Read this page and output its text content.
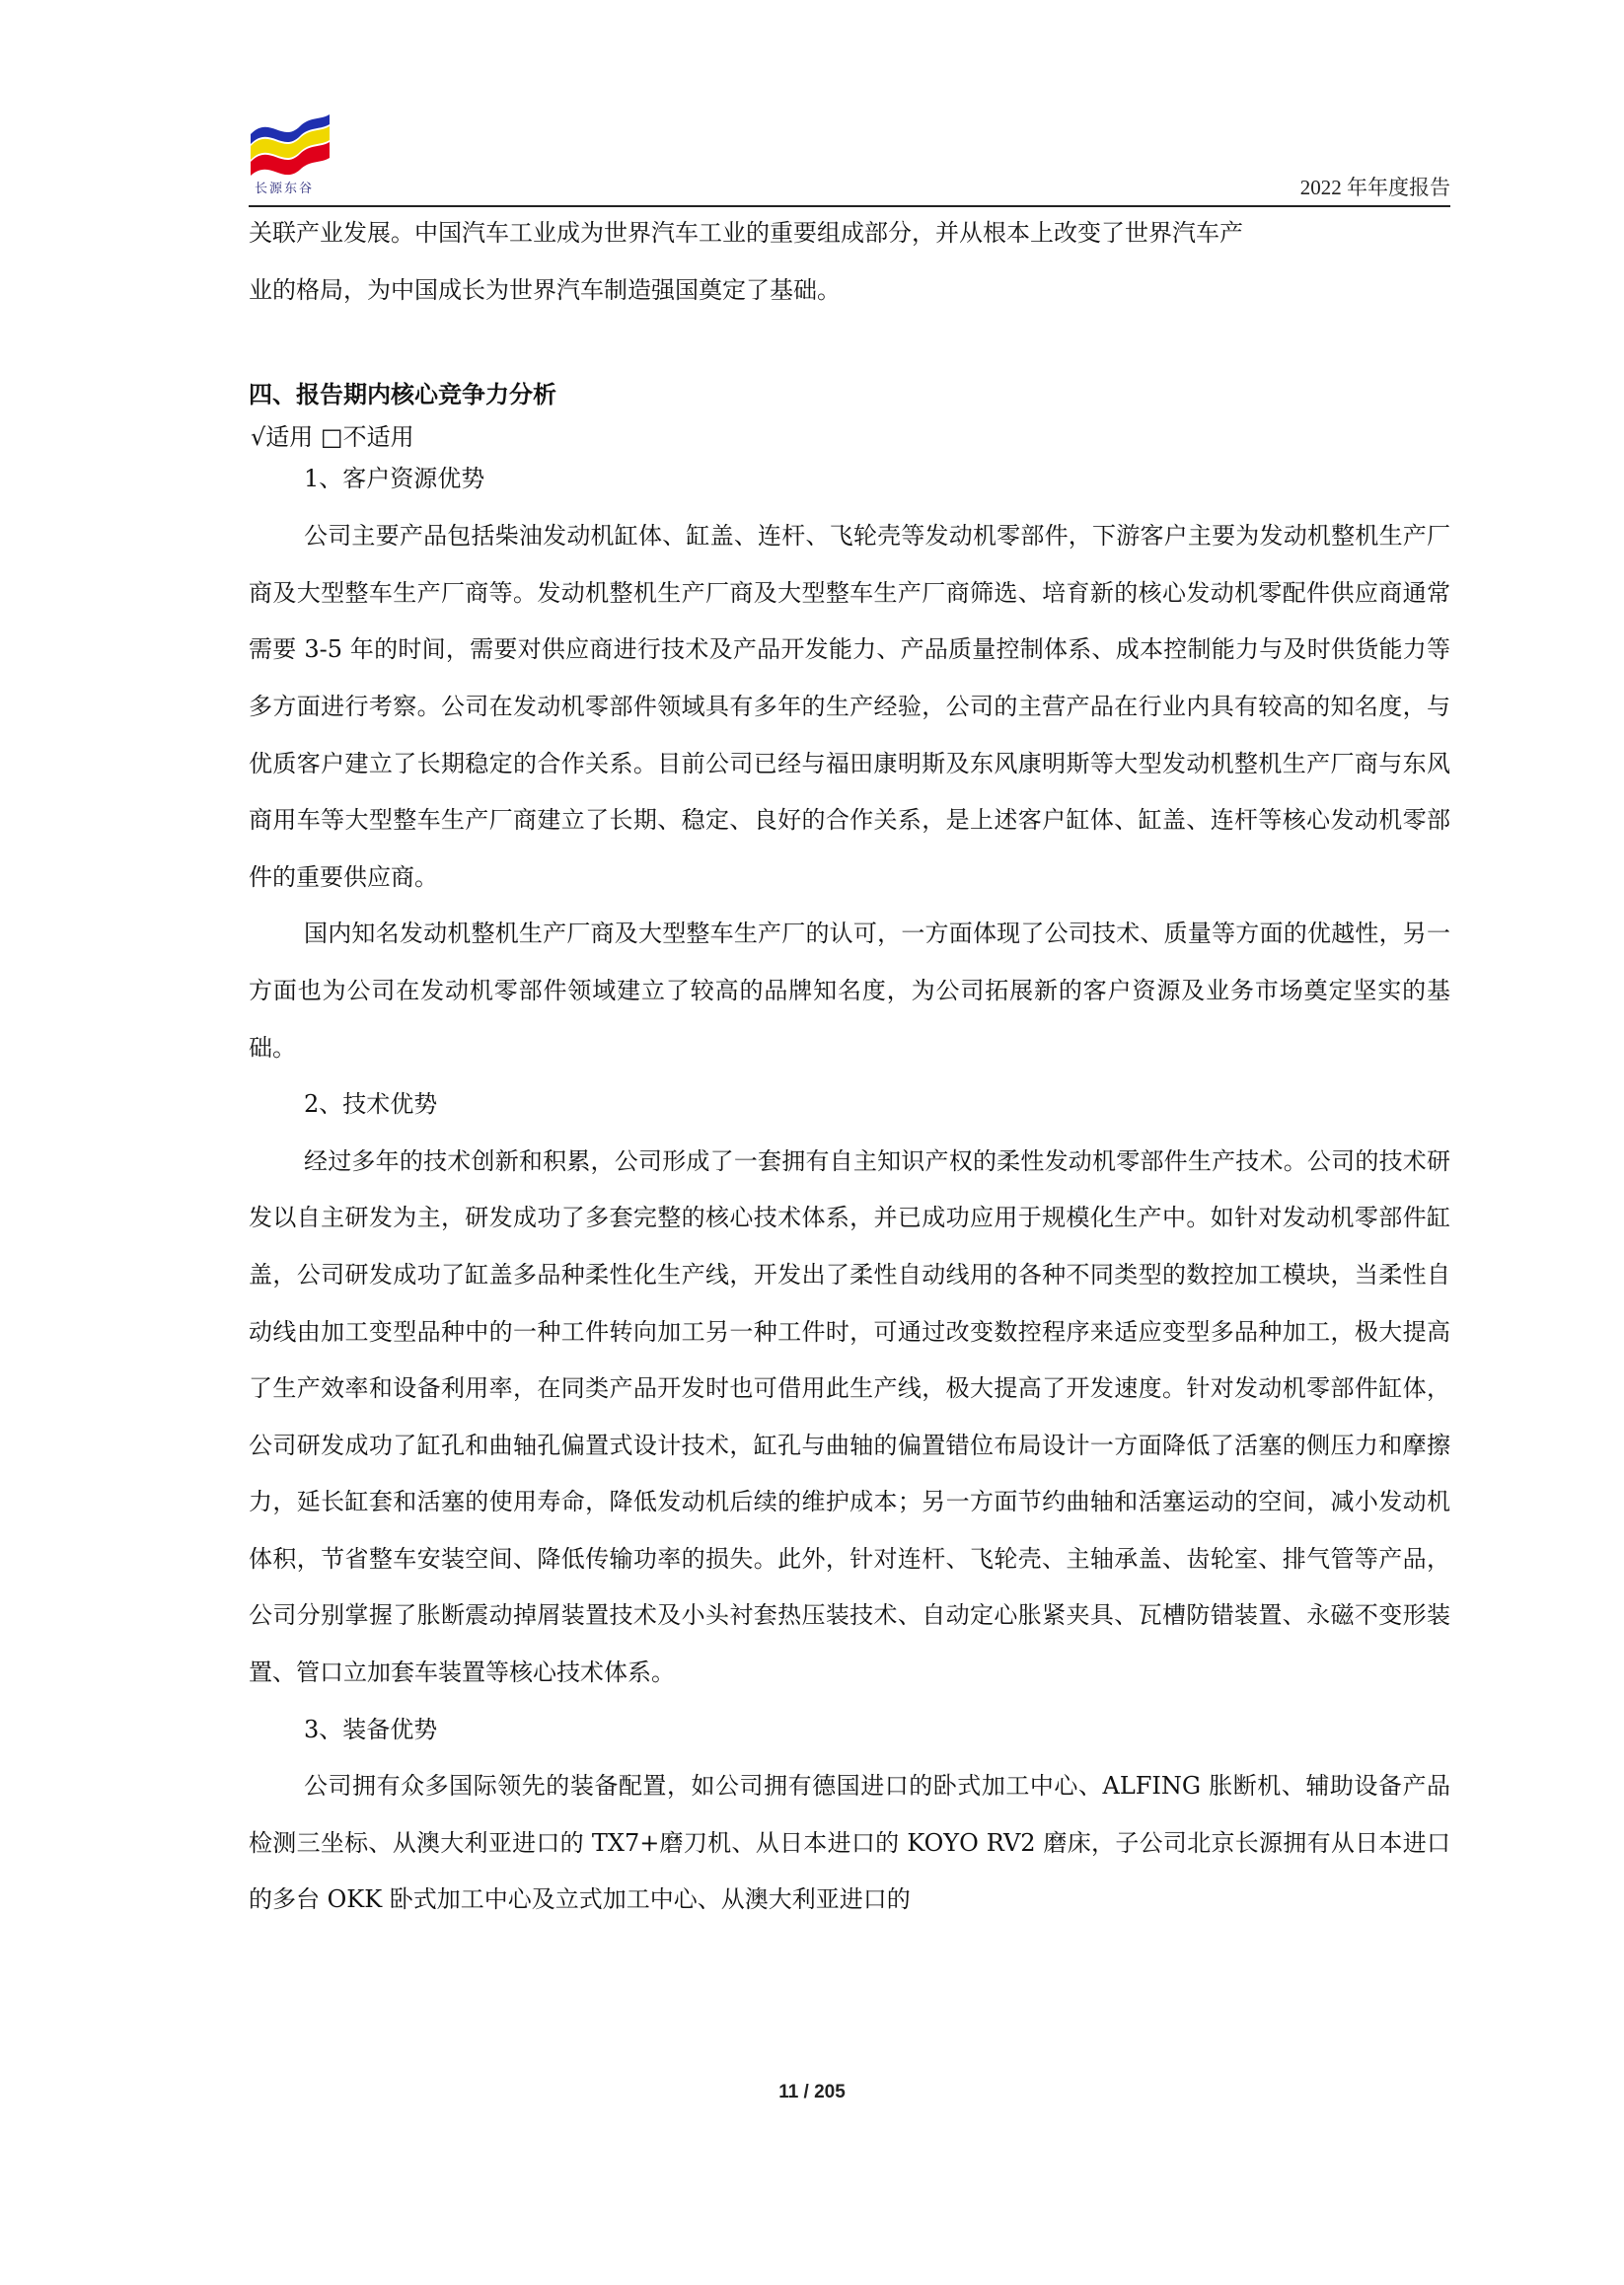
长源东谷	2022 年年度报告

关联产业发展。中国汽车工业成为世界汽车工业的重要组成部分，并从根本上改变了世界汽车产

业的格局，为中国成长为世界汽车制造强国奠定了基础。

四、报告期内核心竞争力分析

√适用 □不适用

1、客户资源优势

公司主要产品包括柴油发动机缸体、缸盖、连杆、飞轮壳等发动机零部件，下游客户主要为发动机整机生产厂商及大型整车生产厂商等。发动机整机生产厂商及大型整车生产厂商筛选、培育新的核心发动机零配件供应商通常需要 3-5 年的时间，需要对供应商进行技术及产品开发能力、产品质量控制体系、成本控制能力与及时供货能力等多方面进行考察。公司在发动机零部件领域具有多年的生产经验，公司的主营产品在行业内具有较高的知名度，与优质客户建立了长期稳定的合作关系。目前公司已经与福田康明斯及东风康明斯等大型发动机整机生产厂商与东风商用车等大型整车生产厂商建立了长期、稳定、良好的合作关系，是上述客户缸体、缸盖、连杆等核心发动机零部件的重要供应商。

国内知名发动机整机生产厂商及大型整车生产厂的认可，一方面体现了公司技术、质量等方面的优越性，另一方面也为公司在发动机零部件领域建立了较高的品牌知名度，为公司拓展新的客户资源及业务市场奠定坚实的基础。

2、技术优势

经过多年的技术创新和积累，公司形成了一套拥有自主知识产权的柔性发动机零部件生产技术。公司的技术研发以自主研发为主，研发成功了多套完整的核心技术体系，并已成功应用于规模化生产中。如针对发动机零部件缸盖，公司研发成功了缸盖多品种柔性化生产线，开发出了柔性自动线用的各种不同类型的数控加工模块，当柔性自动线由加工变型品种中的一种工件转向加工另一种工件时，可通过改变数控程序来适应变型多品种加工，极大提高了生产效率和设备利用率，在同类产品开发时也可借用此生产线，极大提高了开发速度。针对发动机零部件缸体，公司研发成功了缸孔和曲轴孔偏置式设计技术，缸孔与曲轴的偏置错位布局设计一方面降低了活塞的侧压力和摩擦力，延长缸套和活塞的使用寿命，降低发动机后续的维护成本；另一方面节约曲轴和活塞运动的空间，减小发动机体积，节省整车安装空间、降低传输功率的损失。此外，针对连杆、飞轮壳、主轴承盖、齿轮室、排气管等产品，公司分别掌握了胀断震动掉屑装置技术及小头衬套热压装技术、自动定心胀紧夹具、瓦槽防错装置、永磁不变形装置、管口立加套车装置等核心技术体系。

3、装备优势

公司拥有众多国际领先的装备配置，如公司拥有德国进口的卧式加工中心、ALFING 胀断机、辅助设备产品检测三坐标、从澳大利亚进口的 TX7+磨刀机、从日本进口的 KOYO RV2 磨床，子公司北京长源拥有从日本进口的多台 OKK 卧式加工中心及立式加工中心、从澳大利亚进口的

11 / 205
